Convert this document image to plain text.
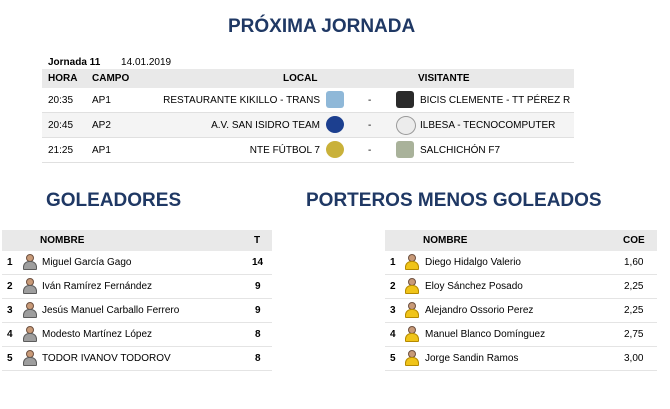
PRÓXIMA JORNADA
Jornada 11 14.01.2019
HORA CAMPO	LOCAL	VISITANTE
20:35 AP1	RESTAURANTE KIKILLO - TRANS	-	BICIS CLEMENTE - TT PÉREZ R
20:45 AP2	A.V. SAN ISIDRO TEAM	-	ILBESA - TECNOCOMPUTER
21:25 AP1	NTE FÚTBOL 7	-	SALCHICHÓN F7
GOLEADORES	PORTEROS MENOS GOLEADOS
NOMBRE	T
1	Miguel García Gago	14
2	Iván Ramírez Fernández	9
3	Jesús Manuel Carballo Ferrero	9
4	Modesto Martínez López	8
5	TODOR IVANOV TODOROV	8
NOMBRE	COE
1	Diego Hidalgo Valerio	1,60
2	Eloy Sánchez Posado	2,25
3	Alejandro Ossorio Perez	2,25
4	Manuel Blanco Domínguez	2,75
5	Jorge Sandin Ramos	3,00
